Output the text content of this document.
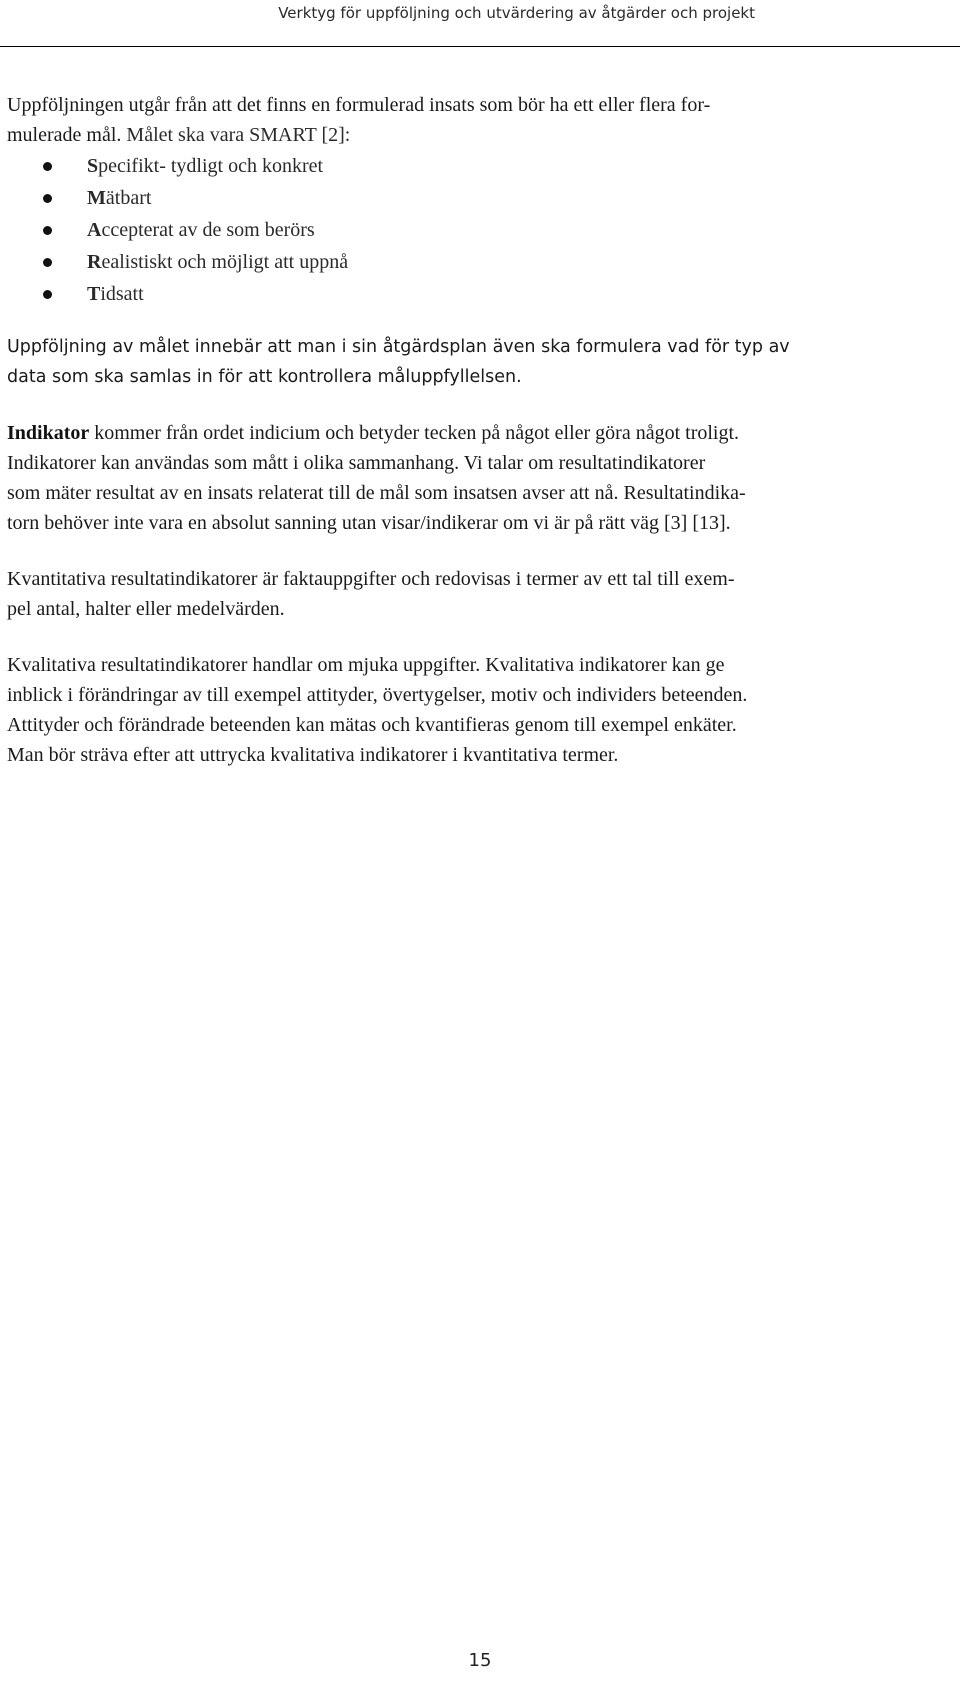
Verktyg för uppföljning och utvärdering av åtgärder och projekt
Uppföljningen utgår från att det finns en formulerad insats som bör ha ett eller flera for-
mulerade mål. Målet ska vara SMART [2]:
Specifikt- tydligt och konkret
Mätbart
Accepterat av de som berörs
Realistiskt och möjligt att uppnå
Tidsatt
Uppföljning av målet innebär att man i sin åtgärdsplan även ska formulera vad för typ av
data som ska samlas in för att kontrollera måluppfyllelsen.
Indikator kommer från ordet indicium och betyder tecken på något eller göra något troligt.
Indikatorer kan användas som mått i olika sammanhang. Vi talar om resultatindikatorer
som mäter resultat av en insats relaterat till de mål som insatsen avser att nå. Resultatindika-
torn behöver inte vara en absolut sanning utan visar/indikerar om vi är på rätt väg [3] [13].
Kvantitativa resultatindikatorer är faktauppgifter och redovisas i termer av ett tal till exem-
pel antal, halter eller medelvärden.
Kvalitativa resultatindikatorer handlar om mjuka uppgifter. Kvalitativa indikatorer kan ge
inblick i förändringar av till exempel attityder, övertygelser, motiv och individers beteenden.
Attityder och förändrade beteenden kan mätas och kvantifieras genom till exempel enkäter.
Man bör sträva efter att uttrycka kvalitativa indikatorer i kvantitativa termer.
15
